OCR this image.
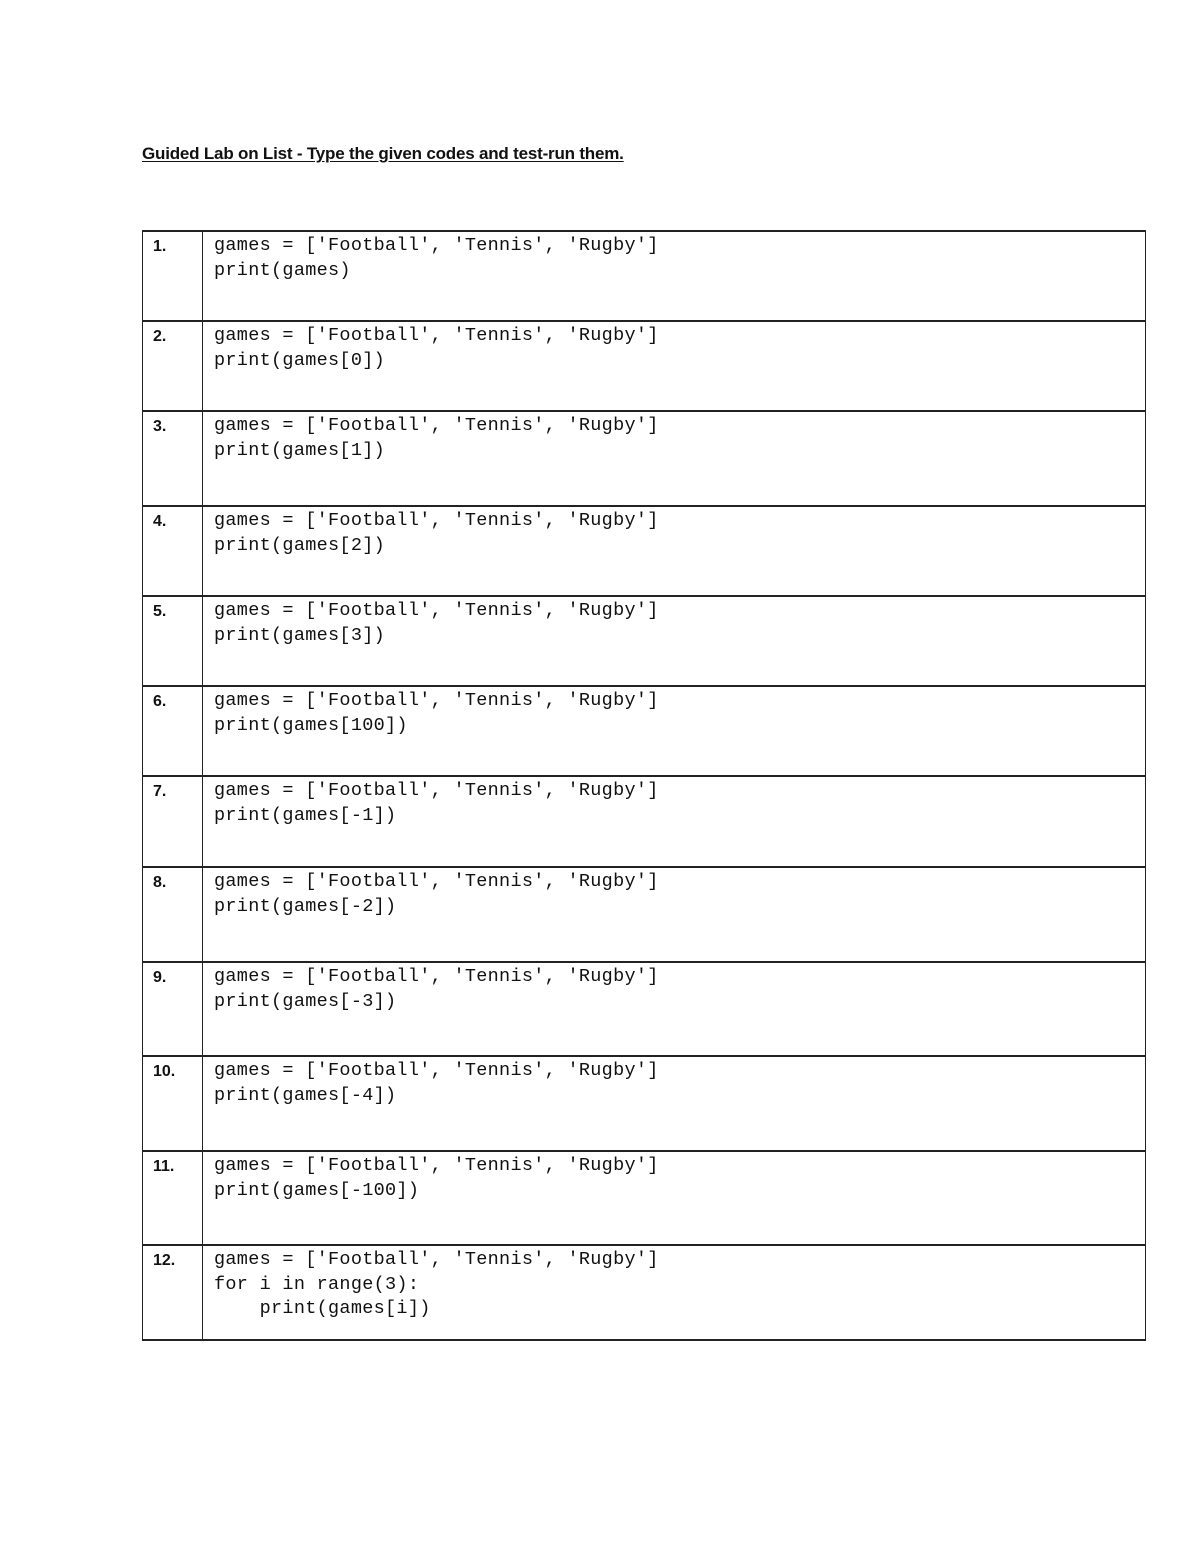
Guided Lab on List - Type the given codes and test-run them.
1.	games = ['Football', 'Tennis', 'Rugby']
print(games)

2.	games = ['Football', 'Tennis', 'Rugby']
print(games[0])

3.	games = ['Football', 'Tennis', 'Rugby']
print(games[1])

4.	games = ['Football', 'Tennis', 'Rugby']
print(games[2])

5.	games = ['Football', 'Tennis', 'Rugby']
print(games[3])

6.	games = ['Football', 'Tennis', 'Rugby']
print(games[100])

7.	games = ['Football', 'Tennis', 'Rugby']
print(games[-1])

8.	games = ['Football', 'Tennis', 'Rugby']
print(games[-2])

9.	games = ['Football', 'Tennis', 'Rugby']
print(games[-3])

10.	games = ['Football', 'Tennis', 'Rugby']
print(games[-4])

11.	games = ['Football', 'Tennis', 'Rugby']
print(games[-100])

12.	games = ['Football', 'Tennis', 'Rugby']
for i in range(3):
print(games[i])
